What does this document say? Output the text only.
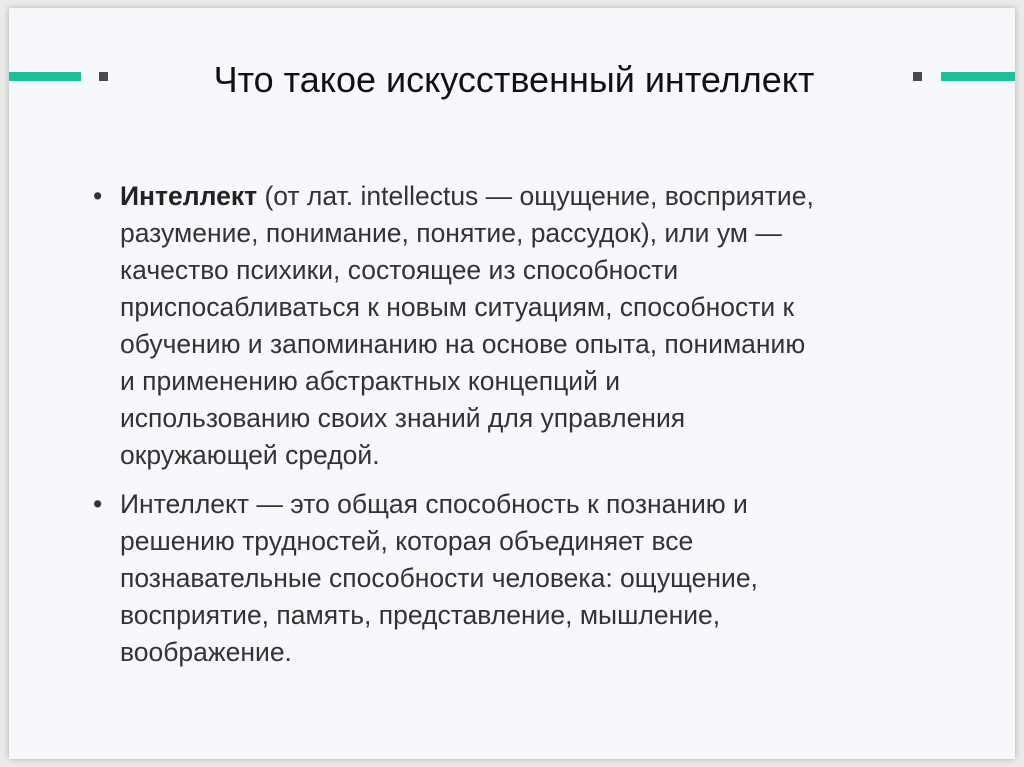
Что такое искусственный интеллект
• Интеллект (от лат. intellectus — ощущение, восприятие,
разумение, понимание, понятие, рассудок), или ум —
качество психики, состоящее из способности
приспосабливаться к новым ситуациям, способности к
обучению и запоминанию на основе опыта, пониманию
и применению абстрактных концепций и
использованию своих знаний для управления
окружающей средой.
• Интеллект — это общая способность к познанию и
решению трудностей, которая объединяет все
познавательные способности человека: ощущение,
восприятие, память, представление, мышление,
воображение.
